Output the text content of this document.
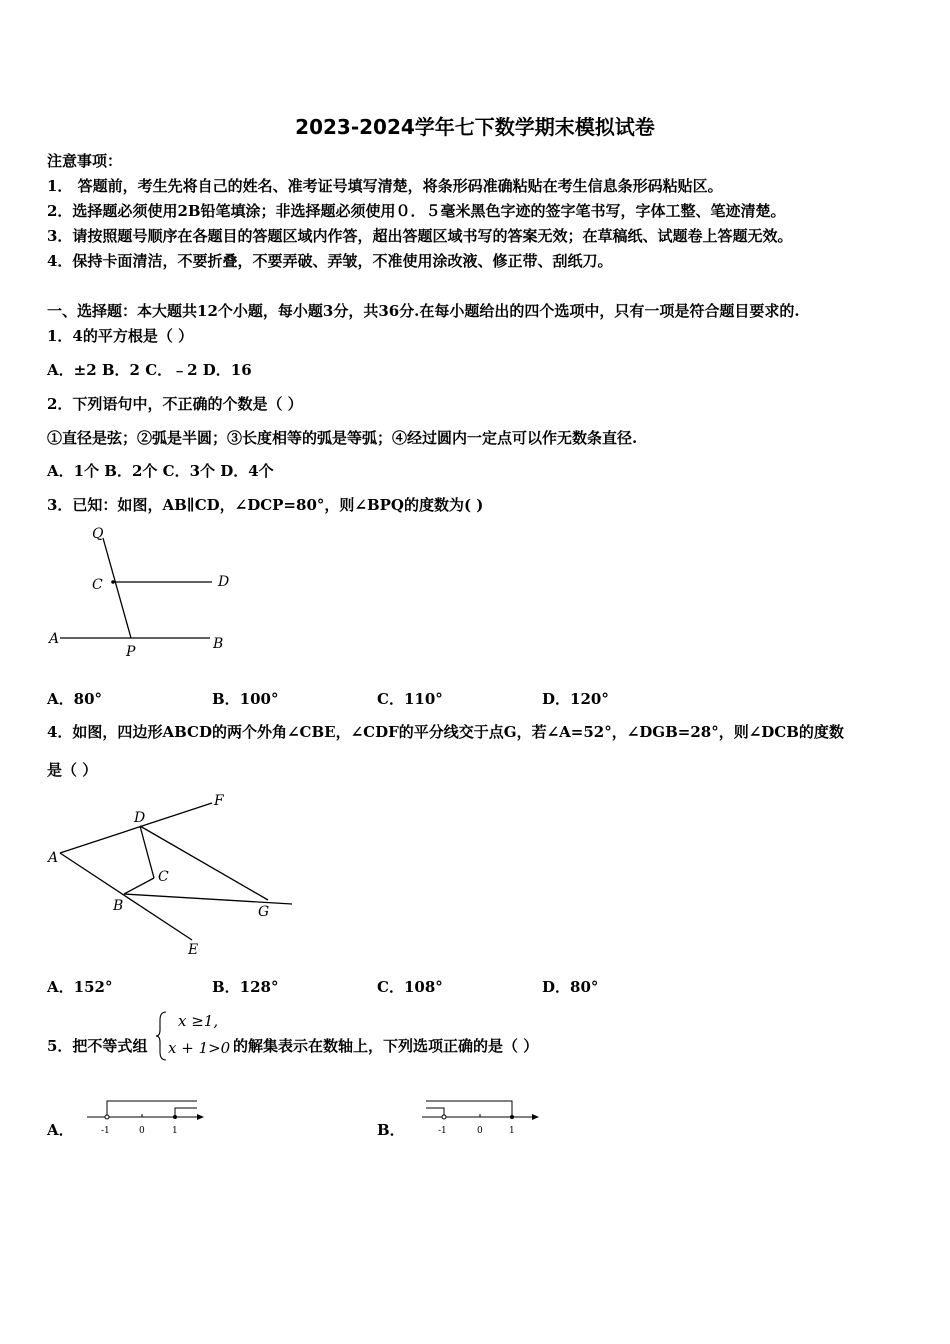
2023-2024学年七下数学期末模拟试卷
注意事项：
1． 答题前，考生先将自己的姓名、准考证号填写清楚，将条形码准确粘贴在考生信息条形码粘贴区。
2．选择题必须使用2B铅笔填涂；非选择题必须使用０．５毫米黑色字迹的签字笔书写，字体工整、笔迹清楚。
3．请按照题号顺序在各题目的答题区域内作答，超出答题区域书写的答案无效；在草稿纸、试题卷上答题无效。
4．保持卡面清洁，不要折叠，不要弄破、弄皱，不准使用涂改液、修正带、刮纸刀。
一、选择题：本大题共12个小题，每小题3分，共36分.在每小题给出的四个选项中，只有一项是符合题目要求的.
1．4的平方根是（ ）
A．±2 B．2 C．﹣2 D．16
2．下列语句中，不正确的个数是（ ）
①直径是弦；②弧是半圆；③长度相等的弧是等弧；④经过圆内一定点可以作无数条直径.
A．1个 B．2个 C．3个 D．4个
3．已知：如图，AB∥CD，∠DCP=80°，则∠BPQ的度数为( )
Q
C	D
A
P	B
A．80°	B．100°	C．110°	D．120°
4．如图，四边形ABCD的两个外角∠CBE，∠CDF的平分线交于点G，若∠A=52°，∠DGB=28°，则∠DCB的度数
是（ ）
A
D
F
C
B	G
E
A．152°	B．128°	C．108°	D．80°
5．把不等式组
x ≥1,
x + 1>0 的解集表示在数轴上，下列选项正确的是（ ）
A．	-1	0	1	B．	-1	0	1
